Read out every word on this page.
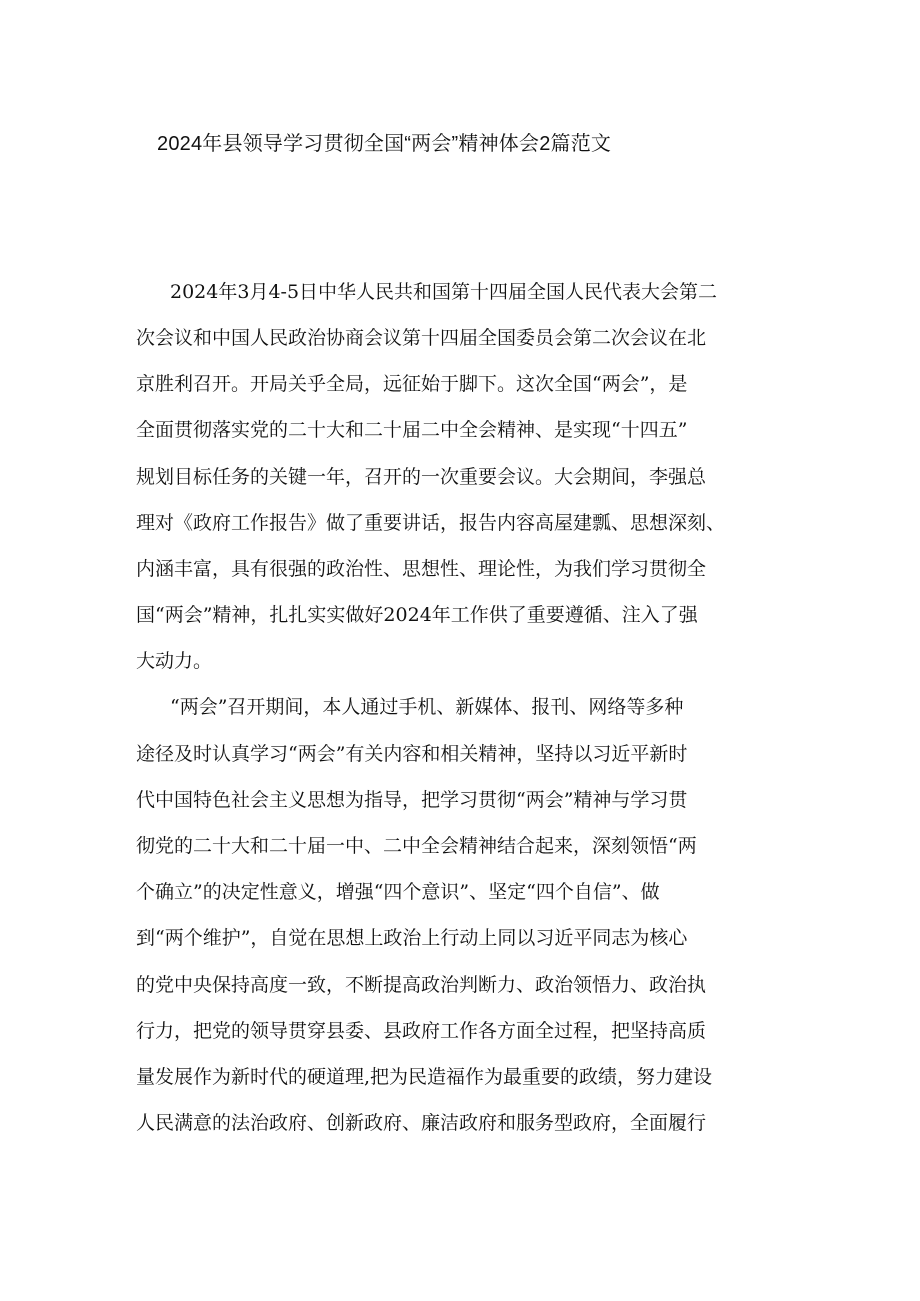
2024年县领导学习贯彻全国“两会”精神体会2篇范文

2024年3月4-5日中华人民共和国第十四届全国人民代表大会第二

次会议和中国人民政治协商会议第十四届全国委员会第二次会议在北

京胜利召开。开局关乎全局，远征始于脚下。这次全国“两会”，是

全面贯彻落实党的二十大和二十届二中全会精神、是实现“十四五”

规划目标任务的关键一年，召开的一次重要会议。大会期间，李强总

理对《政府工作报告》做了重要讲话，报告内容高屋建瓢、思想深刻、

内涵丰富，具有很强的政治性、思想性、理论性，为我们学习贯彻全

国“两会”精神，扎扎实实做好2024年工作供了重要遵循、注入了强

大动力。

“两会”召开期间，本人通过手机、新媒体、报刊、网络等多种

途径及时认真学习“两会”有关内容和相关精神，坚持以习近平新时

代中国特色社会主义思想为指导，把学习贯彻“两会”精神与学习贯

彻党的二十大和二十届一中、二中全会精神结合起来，深刻领悟“两

个确立”的决定性意义，增强“四个意识”、坚定“四个自信”、做

到“两个维护”，自觉在思想上政治上行动上同以习近平同志为核心

的党中央保持高度一致，不断提高政治判断力、政治领悟力、政治执

行力，把党的领导贯穿县委、县政府工作各方面全过程，把坚持高质

量发展作为新时代的硬道理,把为民造福作为最重要的政绩，努力建设

人民满意的法治政府、创新政府、廉洁政府和服务型政府，全面履行
